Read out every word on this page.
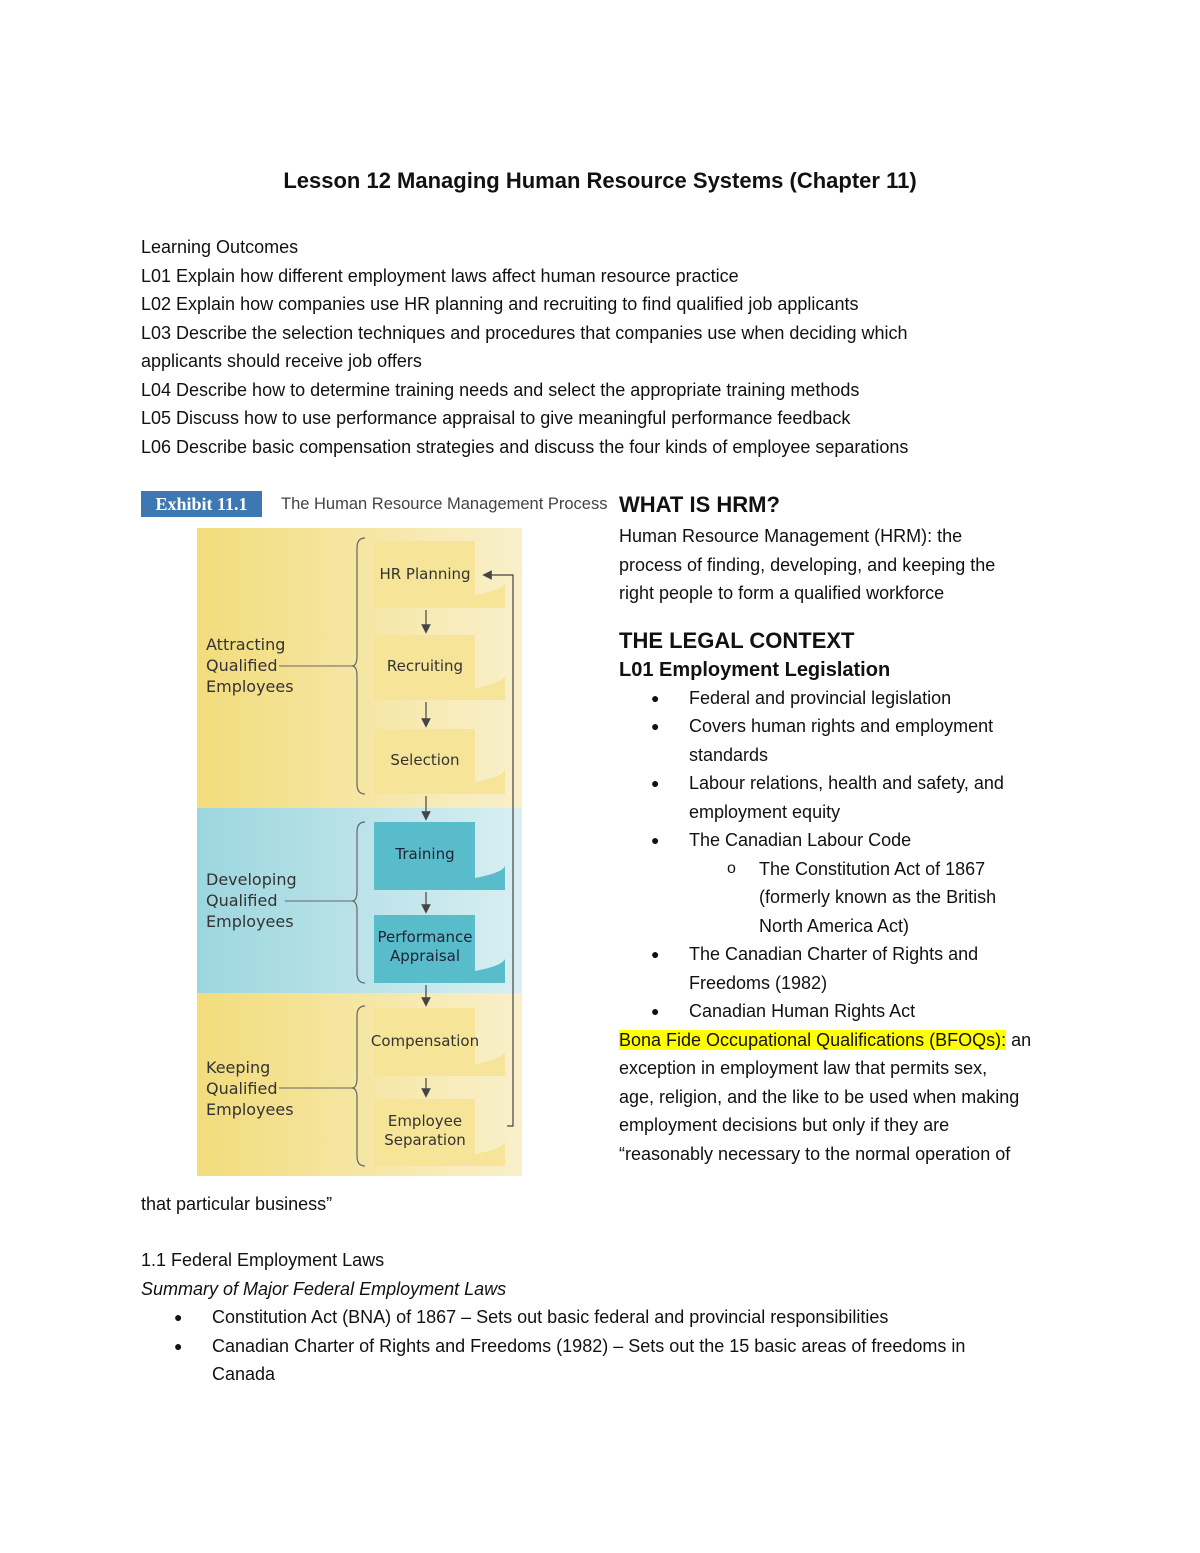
Lesson 12 Managing Human Resource Systems (Chapter 11)
Learning Outcomes
L01 Explain how different employment laws affect human resource practice
L02 Explain how companies use HR planning and recruiting to find qualified job applicants
L03 Describe the selection techniques and procedures that companies use when deciding which
applicants should receive job offers
L04 Describe how to determine training needs and select the appropriate training methods
L05 Discuss how to use performance appraisal to give meaningful performance feedback
L06 Describe basic compensation strategies and discuss the four kinds of employee separations
Exhibit 11.1	The Human Resource Management Process
Attracting
Qualified
Employees
Developing
Qualified
Employees
Keeping
Qualified
Employees
HR Planning
Recruiting
Selection
Training
Performance
Appraisal
Compensation
Employee
Separation

WHAT IS HRM?

Human Resource Management (HRM): the

process of finding, developing, and keeping the

right people to form a qualified workforce

THE LEGAL CONTEXT

L01 Employment Legislation

● Federal and provincial legislation
● Covers human rights and employment
standards
● Labour relations, health and safety, and
employment equity
● The Canadian Labour Code
o The Constitution Act of 1867
(formerly known as the British
North America Act)
● The Canadian Charter of Rights and
Freedoms (1982)
● Canadian Human Rights Act

Bona Fide Occupational Qualifications (BFOQs): an

exception in employment law that permits sex,

age, religion, and the like to be used when making

employment decisions but only if they are

“reasonably necessary to the normal operation of

that particular business”

1.1 Federal Employment Laws

Summary of Major Federal Employment Laws

● Constitution Act (BNA) of 1867 – Sets out basic federal and provincial responsibilities
● Canadian Charter of Rights and Freedoms (1982) – Sets out the 15 basic areas of freedoms in
Canada
